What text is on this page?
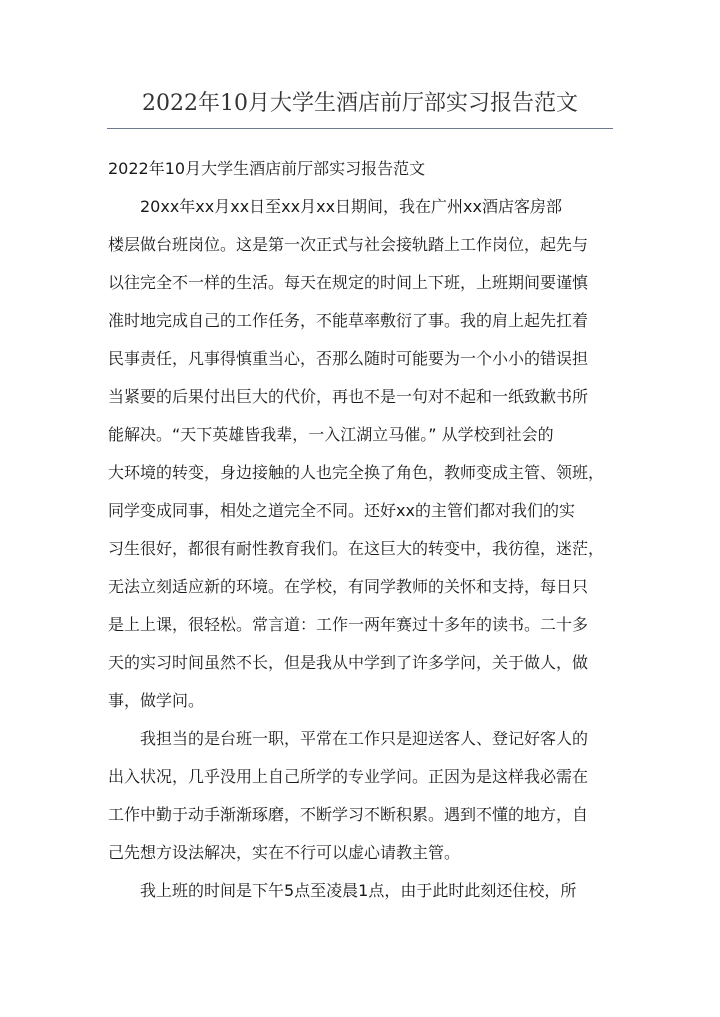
2022年10月大学生酒店前厅部实习报告范文
2022年10月大学生酒店前厅部实习报告范文

20xx年xx月xx日至xx月xx日期间，我在广州xx酒店客房部
楼层做台班岗位。这是第一次正式与社会接轨踏上工作岗位，起先与
以往完全不一样的生活。每天在规定的时间上下班，上班期间要谨慎
准时地完成自己的工作任务，不能草率敷衍了事。我的肩上起先扛着
民事责任，凡事得慎重当心，否那么随时可能要为一个小小的错误担
当紧要的后果付出巨大的代价，再也不是一句对不起和一纸致歉书所
能解决。“天下英雄皆我辈，一入江湖立马催。” 从学校到社会的
大环境的转变，身边接触的人也完全换了角色，教师变成主管、领班，
同学变成同事，相处之道完全不同。还好xx的主管们都对我们的实
习生很好，都很有耐性教育我们。在这巨大的转变中，我彷徨，迷茫，
无法立刻适应新的环境。在学校，有同学教师的关怀和支持，每日只
是上上课，很轻松。常言道：工作一两年赛过十多年的读书。二十多
天的实习时间虽然不长，但是我从中学到了许多学问，关于做人，做
事，做学问。

我担当的是台班一职，平常在工作只是迎送客人、登记好客人的
出入状况，几乎没用上自己所学的专业学问。正因为是这样我必需在
工作中勤于动手渐渐琢磨，不断学习不断积累。遇到不懂的地方，自
己先想方设法解决，实在不行可以虚心请教主管。

我上班的时间是下午5点至凌晨1点，由于此时此刻还住校，所
